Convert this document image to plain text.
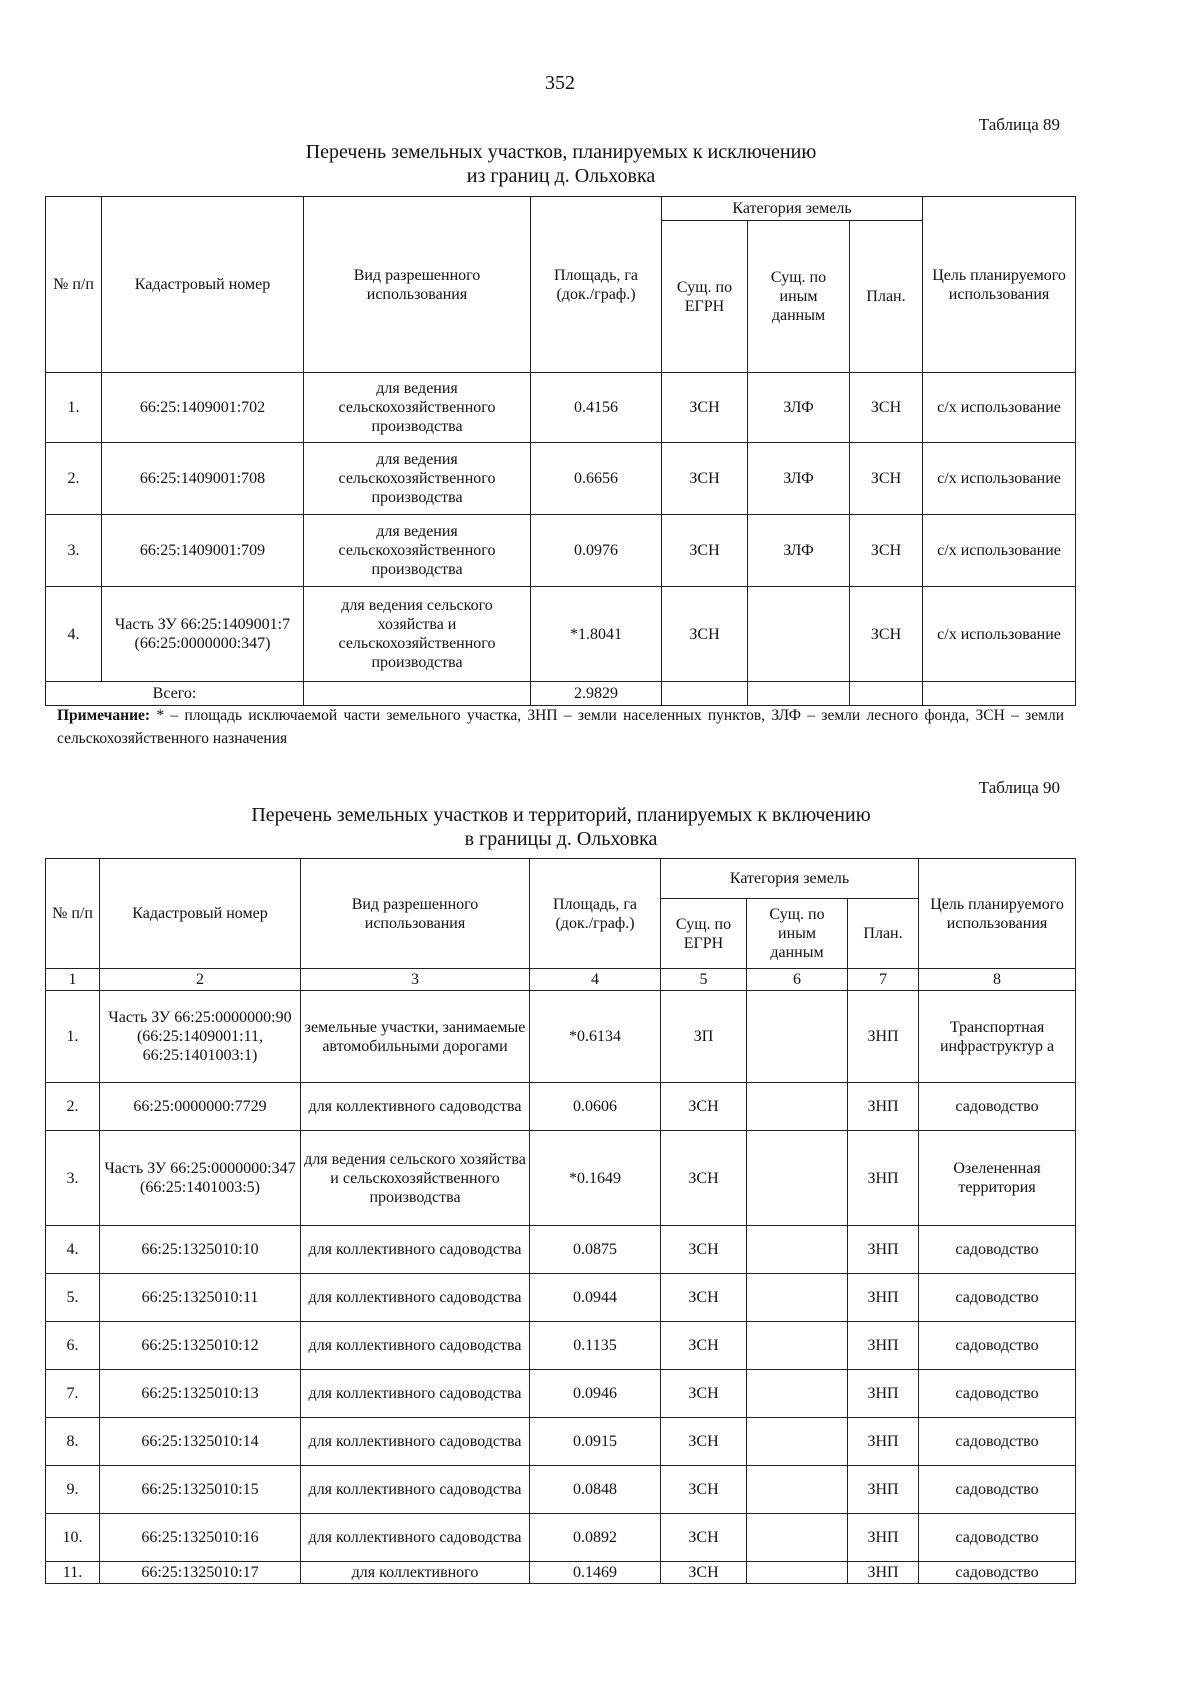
352
Таблица 89
Перечень земельных участков, планируемых к исключению
из границ д. Ольховка
№ п/п	Кадастровый номер	Вид разрешенного использования	Площадь, га (док./граф.)	Категория земель			Цель планируемого использования
				Сущ. по ЕГРН	Сущ. по иным данным	План.	
1.	66:25:1409001:702	для ведения сельскохозяйственного производства	0.4156	ЗСН	ЗЛФ	ЗСН	с/х использование
2.	66:25:1409001:708	для ведения сельскохозяйственного производства	0.6656	ЗСН	ЗЛФ	ЗСН	с/х использование
3.	66:25:1409001:709	для ведения сельскохозяйственного производства	0.0976	ЗСН	ЗЛФ	ЗСН	с/х использование
4.	Часть ЗУ 66:25:1409001:7 (66:25:0000000:347)	для ведения сельского хозяйства и сельскохозяйственного производства	*1.8041	ЗСН		ЗСН	с/х использование
Всего:			2.9829				
Примечание: * – площадь исключаемой части земельного участка, ЗНП – земли населенных пунктов, ЗЛФ – земли лесного фонда, ЗСН – земли сельскохозяйственного назначения
Таблица 90
Перечень земельных участков и территорий, планируемых к включению
в границы д. Ольховка
№ п/п	Кадастровый номер	Вид разрешенного использования	Площадь, га (док./граф.)	Категория земель			Цель планируемого использования
				Сущ. по ЕГРН	Сущ. по иным данным	План.	
1	2	3	4	5	6	7	8
1.	Часть ЗУ 66:25:0000000:90 (66:25:1409001:11, 66:25:1401003:1)	земельные участки, занимаемые автомобильными дорогами	*0.6134	ЗП		ЗНП	Транспортная инфраструктур а
2.	66:25:0000000:7729	для коллективного садоводства	0.0606	ЗСН		ЗНП	садоводство
3.	Часть ЗУ 66:25:0000000:347 (66:25:1401003:5)	для ведения сельского хозяйства и сельскохозяйственного производства	*0.1649	ЗСН		ЗНП	Озелененная территория
4.	66:25:1325010:10	для коллективного садоводства	0.0875	ЗСН		ЗНП	садоводство
5.	66:25:1325010:11	для коллективного садоводства	0.0944	ЗСН		ЗНП	садоводство
6.	66:25:1325010:12	для коллективного садоводства	0.1135	ЗСН		ЗНП	садоводство
7.	66:25:1325010:13	для коллективного садоводства	0.0946	ЗСН		ЗНП	садоводство
8.	66:25:1325010:14	для коллективного садоводства	0.0915	ЗСН		ЗНП	садоводство
9.	66:25:1325010:15	для коллективного садоводства	0.0848	ЗСН		ЗНП	садоводство
10.	66:25:1325010:16	для коллективного садоводства	0.0892	ЗСН		ЗНП	садоводство
11.	66:25:1325010:17	для коллективного	0.1469	ЗСН		ЗНП	садоводство
